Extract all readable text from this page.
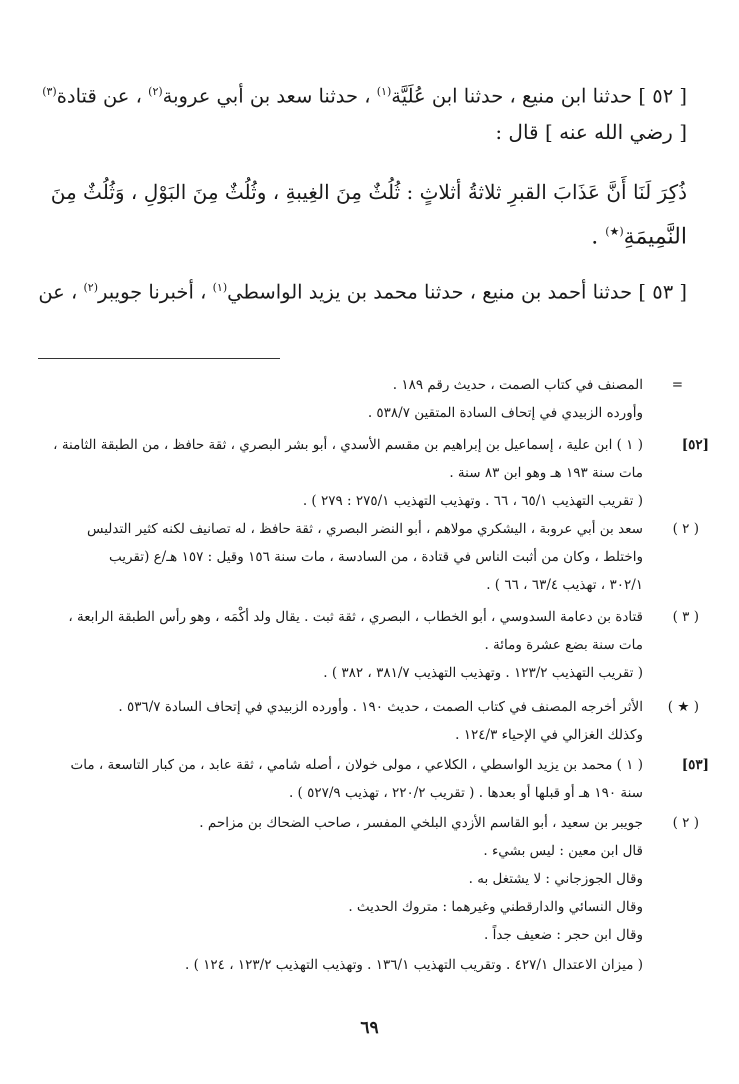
[ ٥٢ ] حدثنا ابن منيع ، حدثنا ابن عُلَيَّة$^{(١)}$ ، حدثنا سعد بن أبي عروبة$^{(٢)}$ ، عن قتادة$^{(٣)}$
[ رضي الله عنه ] قال :
ذُكِرَ لَنَا أَنَّ عَذَابَ القبرِ ثلاثةُ أثلاثٍ : ثُلُثٌ مِنَ الغِيبةِ ، وثُلُثٌ مِنَ البَوْلِ ، وَثُلُثٌ مِنَ
النَّمِيمَةِ(★) .
[ ٥٣ ] حدثنا أحمد بن منيع ، حدثنا محمد بن يزيد الواسطي$^{(١)}$ ، أخبرنا جويبر$^{(٢)}$ ، عن
=
المصنف في كتاب الصمت ، حديث رقم ١٨٩ .
وأورده الزبيدي في إتحاف السادة المتقين ٥٣٨/٧ .
[٥٢]
( ١ ) ابن علية ، إسماعيل بن إبراهيم بن مقسم الأسدي ، أبو بشر البصري ، ثقة حافظ ، من الطبقة الثامنة ،
مات سنة ١٩٣ هـ وهو ابن ٨٣ سنة .
( تقريب التهذيب ٦٥/١ ، ٦٦ . وتهذيب التهذيب ٢٧٥/١ : ٢٧٩ ) .
( ٢ )
سعد بن أبي عروبة ، اليشكري مولاهم ، أبو النضر البصري ، ثقة حافظ ، له تصانيف لكنه كثير التدليس
واختلط ، وكان من أثبت الناس في قتادة ، من السادسة ، مات سنة ١٥٦ وقيل : ١٥٧ هـ/ع (تقريب
٣٠٢/١ ، تهذيب ٦٣/٤ ، ٦٦ ) .
( ٣ )
قتادة بن دعامة السدوسي ، أبو الخطاب ، البصري ، ثقة ثبت . يقال ولد أكْمَه ، وهو رأس الطبقة الرابعة ،
مات سنة بضع عشرة ومائة .
( تقريب التهذيب ١٢٣/٢ . وتهذيب التهذيب ٣٨١/٧ ، ٣٨٢ ) .
( ★ )
الأثر أخرجه المصنف في كتاب الصمت ، حديث ١٩٠ . وأورده الزبيدي في إتحاف السادة ٥٣٦/٧ .
وكذلك الغزالي في الإحياء ١٢٤/٣ .
[٥٣]
( ١ ) محمد بن يزيد الواسطي ، الكلاعي ، مولى خولان ، أصله شامي ، ثقة عابد ، من كبار التاسعة ، مات
سنة ١٩٠ هـ أو قبلها أو بعدها . ( تقريب ٢٢٠/٢ ، تهذيب ٥٢٧/٩ ) .
( ٢ )
جويبر بن سعيد ، أبو القاسم الأزدي البلخي المفسر ، صاحب الضحاك بن مزاحم .
قال ابن معين : ليس بشيء .
وقال الجوزجاني : لا يشتغل به .
وقال النسائي والدارقطني وغيرهما : متروك الحديث .
وقال ابن حجر : ضعيف جداً .
( ميزان الاعتدال ٤٢٧/١ . وتقريب التهذيب ١٣٦/١ . وتهذيب التهذيب ١٢٣/٢ ، ١٢٤ ) .
٦٩
